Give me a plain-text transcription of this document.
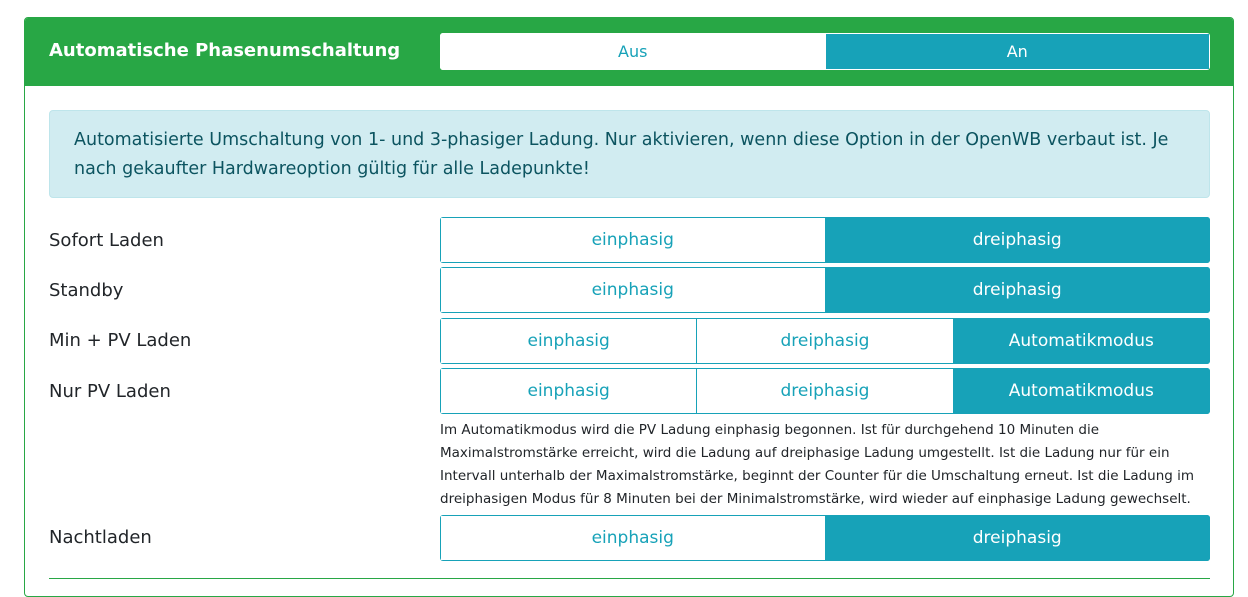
Automatische Phasenumschaltung	Aus	An
Automatisierte Umschaltung von 1- und 3-phasiger Ladung. Nur aktivieren, wenn diese Option in der OpenWB verbaut ist. Je nach gekaufter Hardwareoption gültig für alle Ladepunkte!
Sofort Laden	einphasig	dreiphasig
Standby	einphasig	dreiphasig
Min + PV Laden	einphasig	dreiphasig	Automatikmodus
Nur PV Laden	einphasig	dreiphasig	Automatikmodus
Im Automatikmodus wird die PV Ladung einphasig begonnen. Ist für durchgehend 10 Minuten die Maximalstromstärke erreicht, wird die Ladung auf dreiphasige Ladung umgestellt. Ist die Ladung nur für ein Intervall unterhalb der Maximalstromstärke, beginnt der Counter für die Umschaltung erneut. Ist die Ladung im dreiphasigen Modus für 8 Minuten bei der Minimalstromstärke, wird wieder auf einphasige Ladung gewechselt.
Nachtladen	einphasig	dreiphasig
